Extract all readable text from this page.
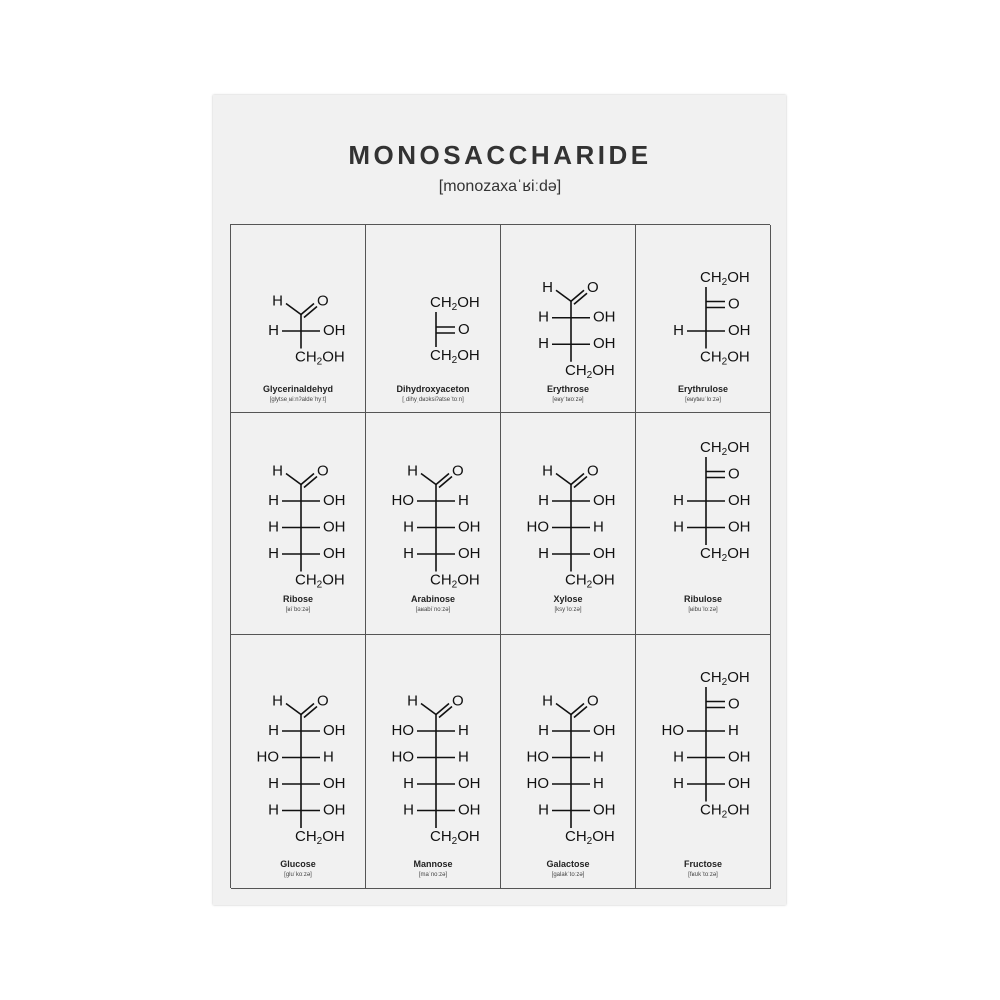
MONOSACCHARIDE
[monozaxaˈʁiːdə]
H O
H	OH
$CH_2OH$
Glycerinaldehyd
[glytseˌʁiːnʔaldeˈhyːt]
$CH_2OH$
O
$CH_2OH$
Dihydroxyaceton
[ˌdihyˌdʁɔksiʔatseˈtoːn]
H O
H	OH
H	OH
$CH_2OH$
Erythrose
[eʁyˈtʁoːzə]
$CH_2OH$
O
H	OH
$CH_2OH$
Erythrulose
[eʁytʁuˈloːzə]
H O
H	OH
H	OH
H	OH
$CH_2OH$
Ribose
[ʁiˈboːzə]
H O
HO	H
H	OH
H	OH
$CH_2OH$
Arabinose
[aʁabiˈnoːzə]
H O
H	OH
HO	H
H	OH
$CH_2OH$
Xylose
[ksyˈloːzə]
$CH_2OH$
O
H	OH
H	OH
$CH_2OH$
Ribulose
[ʁibuˈloːzə]
H O
H	OH
HO	H
H	OH
H	OH
$CH_2OH$
Glucose
[gluˈkoːzə]
H O
HO	H
HO	H
H	OH
H	OH
$CH_2OH$
Mannose
[maˈnoːzə]
H O
H	OH
HO	H
HO	H
H	OH
$CH_2OH$
Galactose
[galakˈtoːzə]
$CH_2OH$
O
HO	H
H	OH
H	OH
$CH_2OH$
Fructose
[fʁʊkˈtoːzə]
